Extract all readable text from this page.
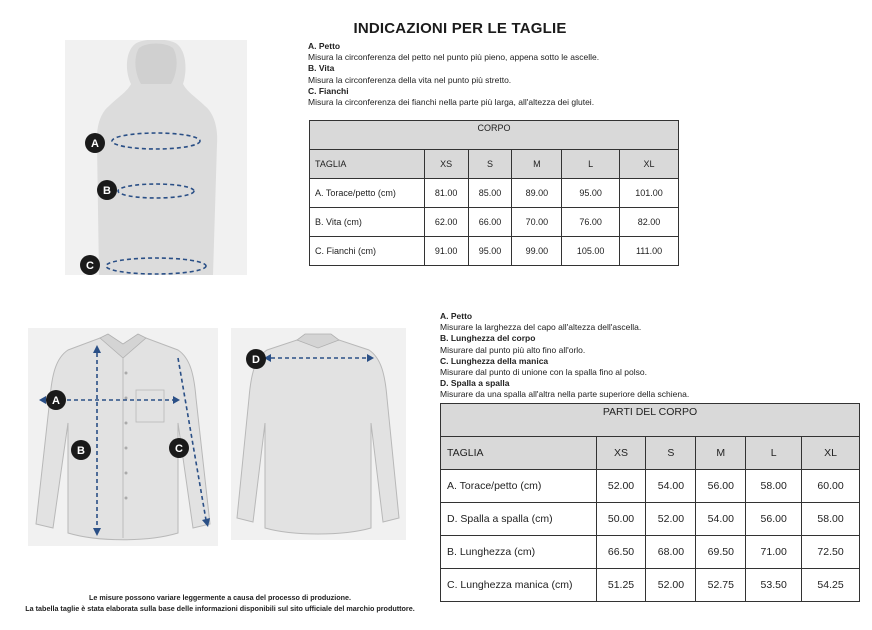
INDICAZIONI PER LE TAGLIE
A
B
C
A. Petto
Misura la circonferenza del petto nel punto più pieno, appena sotto le ascelle.
B. Vita
Misura la circonferenza della vita nel punto più stretto.
C. Fianchi
Misura la circonferenza dei fianchi nella parte più larga, all'altezza dei glutei.
CORPO					
TAGLIA	XS	S	M	L	XL
A. Torace/petto (cm)	81.00	85.00	89.00	95.00	101.00
B. Vita (cm)	62.00	66.00	70.00	76.00	82.00
C. Fianchi (cm)	91.00	95.00	99.00	105.00	111.00
A
B	C
D
A. Petto
Misurare la larghezza del capo all'altezza dell'ascella.
B. Lunghezza del corpo
Misurare dal punto più alto fino all'orlo.
C. Lunghezza della manica
Misurare dal punto di unione con la spalla fino al polso.
D. Spalla a spalla
Misurare da una spalla all'altra nella parte superiore della schiena.
PARTI DEL CORPO					
TAGLIA	XS	S	M	L	XL
A. Torace/petto (cm)	52.00	54.00	56.00	58.00	60.00
D. Spalla a spalla (cm)	50.00	52.00	54.00	56.00	58.00
B. Lunghezza (cm)	66.50	68.00	69.50	71.00	72.50
C. Lunghezza manica (cm)	51.25	52.00	52.75	53.50	54.25
Le misure possono variare leggermente a causa del processo di produzione.
La tabella taglie è stata elaborata sulla base delle informazioni disponibili sul sito ufficiale del marchio produttore.
